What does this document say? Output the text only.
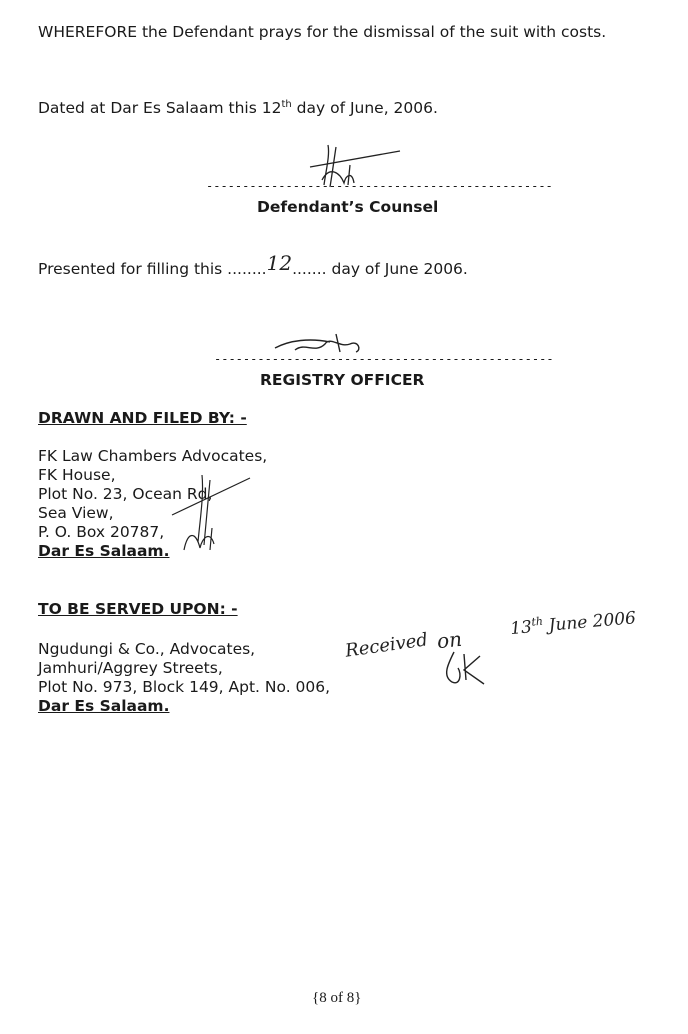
WHEREFORE the Defendant prays for the dismissal of the suit with costs.
Dated at Dar Es Salaam this 12th day of June, 2006.
------------------------------------------------
Defendant’s Counsel
Presented for filling this ........12....... day of June 2006.
-----------------------------------------------
REGISTRY OFFICER
DRAWN AND FILED BY: -
FK Law Chambers Advocates,
FK House,
Plot No. 23, Ocean Rd,
Sea View,
P. O. Box 20787,
Dar Es Salaam.
TO BE SERVED UPON: -
Ngudungi & Co., Advocates,
Jamhuri/Aggrey Streets,
Plot No. 973, Block 149, Apt. No. 006,
Dar Es Salaam.
Received on	13th June 2006
{8 of 8}
